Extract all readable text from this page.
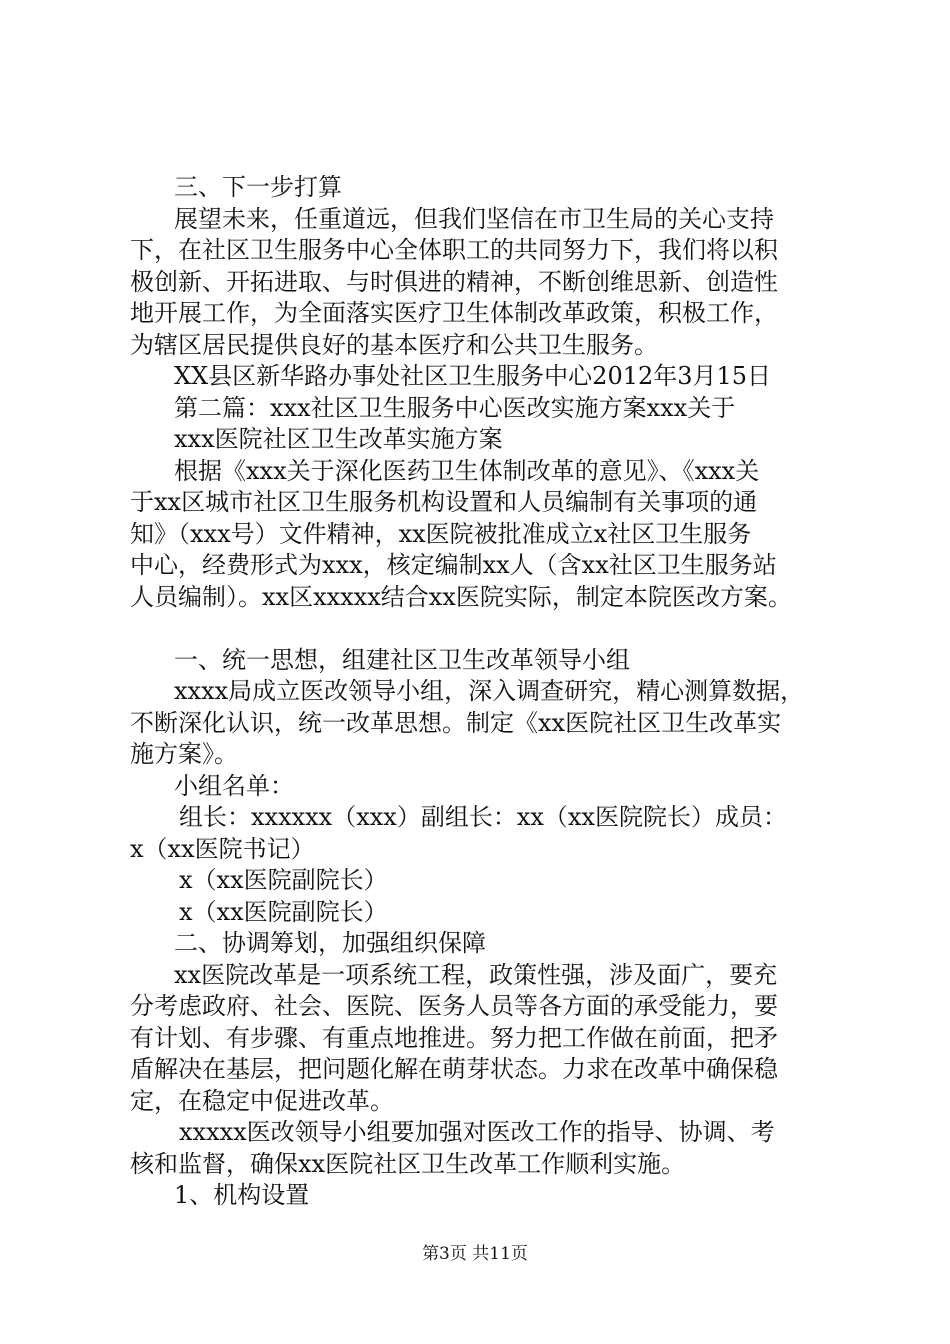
三、下一步打算
展望未来，任重道远，但我们坚信在市卫生局的关心支持
下，在社区卫生服务中心全体职工的共同努力下，我们将以积
极创新、开拓进取、与时俱进的精神，不断创维思新、创造性
地开展工作，为全面落实医疗卫生体制改革政策，积极工作，
为辖区居民提供良好的基本医疗和公共卫生服务。
XX县区新华路办事处社区卫生服务中心2012年3月15日
第二篇：xxx社区卫生服务中心医改实施方案xxx关于
xxx医院社区卫生改革实施方案
根据《xxx关于深化医药卫生体制改革的意见》、《xxx关
于xx区城市社区卫生服务机构设置和人员编制有关事项的通
知》（xxx号）文件精神，xx医院被批准成立x社区卫生服务
中心，经费形式为xxx，核定编制xx人（含xx社区卫生服务站
人员编制）。xx区xxxxx结合xx医院实际，制定本院医改方案。
一、统一思想，组建社区卫生改革领导小组
xxxx局成立医改领导小组，深入调查研究，精心测算数据，
不断深化认识，统一改革思想。制定《xx医院社区卫生改革实
施方案》。
小组名单：
组长：xxxxxx（xxx）副组长：xx（xx医院院长）成员：
x（xx医院书记）
x（xx医院副院长）
x（xx医院副院长）
二、协调筹划，加强组织保障
xx医院改革是一项系统工程，政策性强，涉及面广，要充
分考虑政府、社会、医院、医务人员等各方面的承受能力，要
有计划、有步骤、有重点地推进。努力把工作做在前面，把矛
盾解决在基层，把问题化解在萌芽状态。力求在改革中确保稳
定，在稳定中促进改革。
xxxxx医改领导小组要加强对医改工作的指导、协调、考
核和监督，确保xx医院社区卫生改革工作顺利实施。
1、机构设置
第3页 共11页
